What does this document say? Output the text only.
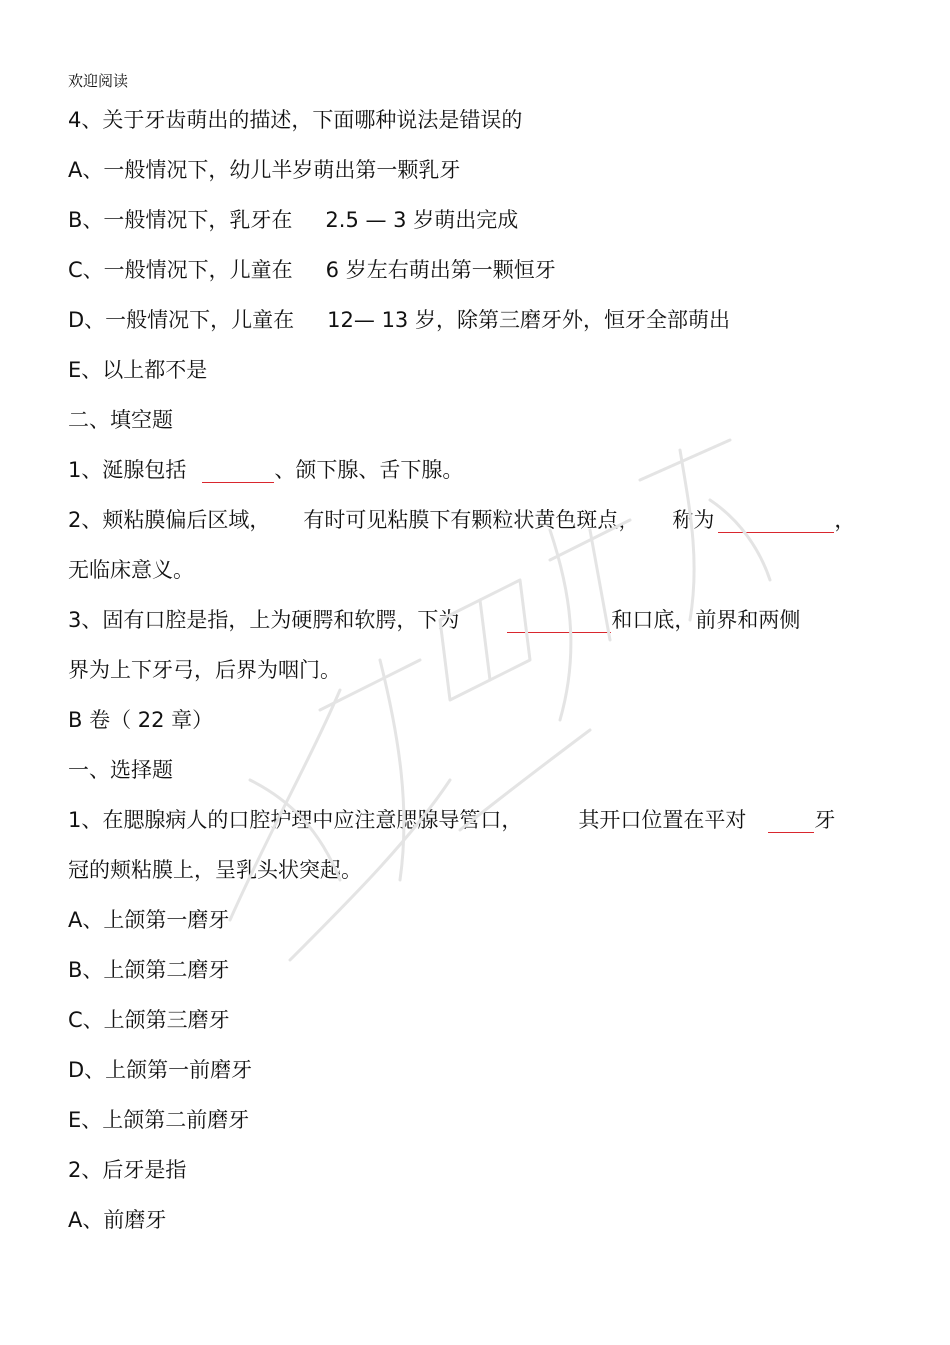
欢迎阅读
4、关于牙齿萌出的描述，下面哪种说法是错误的
A、一般情况下，幼儿半岁萌出第一颗乳牙
B、一般情况下，乳牙在 2.5 — 3 岁萌出完成
C、一般情况下，儿童在 6 岁左右萌出第一颗恒牙
D、一般情况下，儿童在 12— 13 岁，除第三磨牙外，恒牙全部萌出
E、以上都不是
二、填空题
1、涎腺包括	、颌下腺、舌下腺。
2、颊粘膜偏后区域， 有时可见粘膜下有颗粒状黄色斑点， 称为	，
无临床意义。
3、固有口腔是指，上为硬腭和软腭，下为	和口底，前界和两侧
界为上下牙弓，后界为咽门。
B 卷（ 22 章）
一、选择题
1、在腮腺病人的口腔护理中应注意腮腺导管口，	其开口位置在平对	牙
冠的颊粘膜上，呈乳头状突起。
A、上颌第一磨牙
B、上颌第二磨牙
C、上颌第三磨牙
D、上颌第一前磨牙
E、上颌第二前磨牙
2、后牙是指
A、前磨牙
